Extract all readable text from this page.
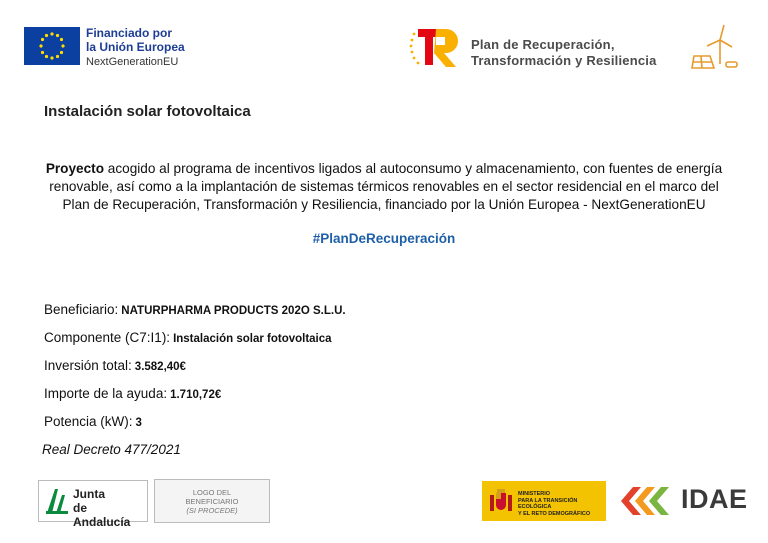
Financiado por
la Unión Europea
NextGenerationEU
Plan de Recuperación,
Transformación y Resiliencia
Instalación solar fotovoltaica
Proyecto acogido al programa de incentivos ligados al autoconsumo y almacenamiento, con fuentes de energía
renovable, así como a la implantación de sistemas térmicos renovables en el sector residencial en el marco del
Plan de Recuperación, Transformación y Resiliencia, financiado por la Unión Europea - NextGenerationEU
#PlanDeRecuperación
Beneficiario: NATURPHARMA PRODUCTS 202O S.L.U.
Componente (C7:I1): Instalación solar fotovoltaica
Inversión total: 3.582,40€
Importe de la ayuda: 1.710,72€
Potencia (kW): 3
Real Decreto 477/2021
Junta
de Andalucía
LOGO DEL
BENEFICIARIO
(SI PROCEDE)
MINISTERIO
PARA LA TRANSICIÓN ECOLÓGICA
Y EL RETO DEMOGRÁFICO	IDAE
